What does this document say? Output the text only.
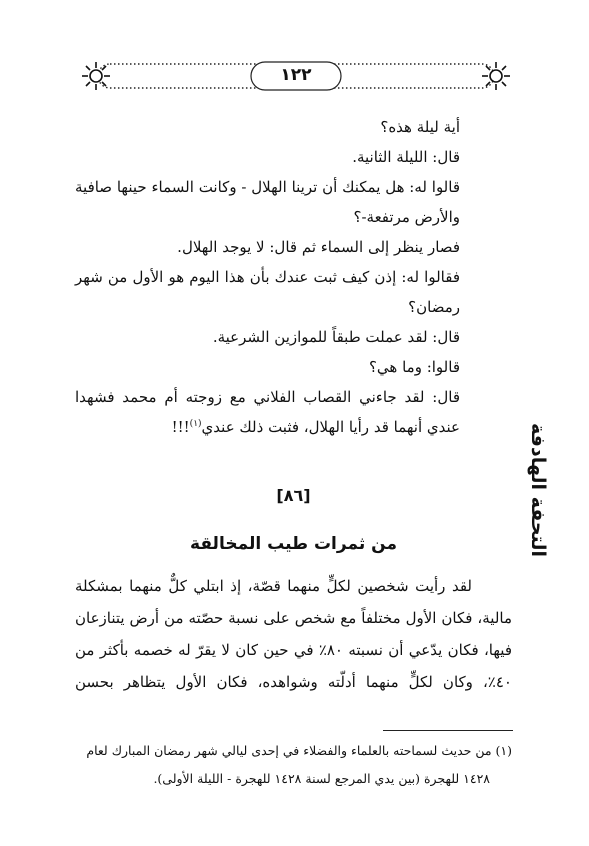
١٢٢
التحفة الهادفة

أية ليلة هذه؟

قال: الليلة الثانية.

قالوا له: هل يمكنك أن ترينا الهلال - وكانت السماء حينها صافية والأرض مرتفعة-؟

فصار ينظر إلى السماء ثم قال: لا يوجد الهلال.

فقالوا له: إذن كيف ثبت عندك بأن هذا اليوم هو الأول من شهر رمضان؟

قال: لقد عملت طبقاً للموازين الشرعية.

قالوا: وما هي؟

قال: لقد جاءني القصاب الفلاني مع زوجته أم محمد فشهدا عندي أنهما قد رأيا الهلال، فثبت ذلك عندي$^{(١)}$!!!

[٨٦]
من ثمرات طيب المخالقة

لقد رأيت شخصين لكلٍّ منهما قصّة، إذ ابتلي كلٌّ منهما بمشكلة

مالية، فكان الأول مختلفاً مع شخص على نسبة حصّته من أرض يتنازعان

فيها، فكان يدّعي أن نسبته ٨٠٪ في حين كان لا يقرّ له خصمه بأكثر من

٤٠٪، وكان لكلٍّ منهما أدلّته وشواهده، فكان الأول يتظاهر بحسن

(١) من حديث لسماحته بالعلماء والفضلاء في إحدى ليالي شهر رمضان المبارك لعام

١٤٢٨ للهجرة (بين يدي المرجع لسنة ١٤٢٨ للهجرة - الليلة الأولى).
